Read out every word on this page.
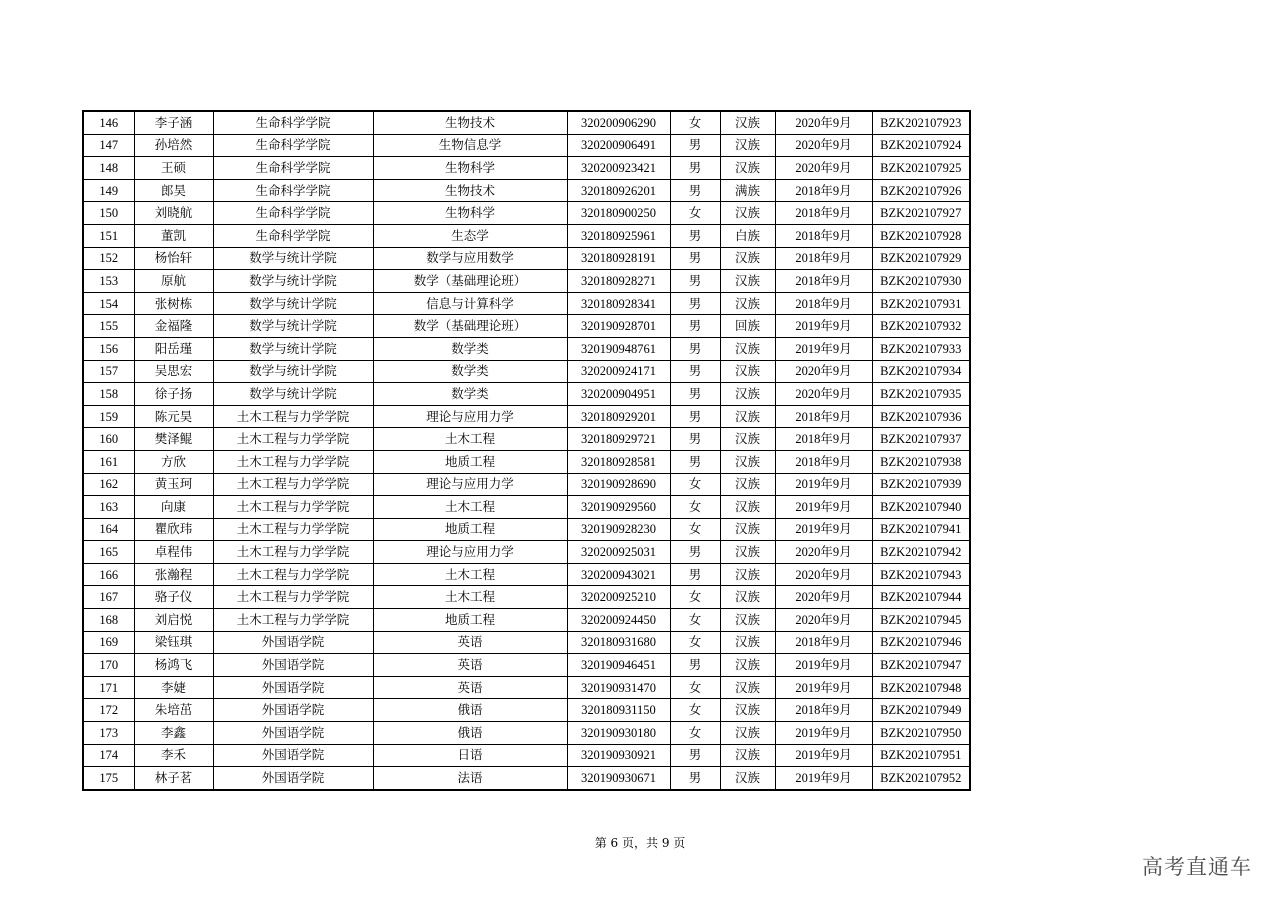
146	李子涵	生命科学学院	生物技术	320200906290	女	汉族	2020年9月	BZK202107923
147	孙培然	生命科学学院	生物信息学	320200906491	男	汉族	2020年9月	BZK202107924
148	王硕	生命科学学院	生物科学	320200923421	男	汉族	2020年9月	BZK202107925
149	郎昊	生命科学学院	生物技术	320180926201	男	满族	2018年9月	BZK202107926
150	刘晓航	生命科学学院	生物科学	320180900250	女	汉族	2018年9月	BZK202107927
151	董凯	生命科学学院	生态学	320180925961	男	白族	2018年9月	BZK202107928
152	杨怡轩	数学与统计学院	数学与应用数学	320180928191	男	汉族	2018年9月	BZK202107929
153	原航	数学与统计学院	数学（基础理论班）	320180928271	男	汉族	2018年9月	BZK202107930
154	张树栋	数学与统计学院	信息与计算科学	320180928341	男	汉族	2018年9月	BZK202107931
155	金福隆	数学与统计学院	数学（基础理论班）	320190928701	男	回族	2019年9月	BZK202107932
156	阳岳瑾	数学与统计学院	数学类	320190948761	男	汉族	2019年9月	BZK202107933
157	吴思宏	数学与统计学院	数学类	320200924171	男	汉族	2020年9月	BZK202107934
158	徐子扬	数学与统计学院	数学类	320200904951	男	汉族	2020年9月	BZK202107935
159	陈元昊	土木工程与力学学院	理论与应用力学	320180929201	男	汉族	2018年9月	BZK202107936
160	樊泽鲲	土木工程与力学学院	土木工程	320180929721	男	汉族	2018年9月	BZK202107937
161	方欣	土木工程与力学学院	地质工程	320180928581	男	汉族	2018年9月	BZK202107938
162	黄玉珂	土木工程与力学学院	理论与应用力学	320190928690	女	汉族	2019年9月	BZK202107939
163	向康	土木工程与力学学院	土木工程	320190929560	女	汉族	2019年9月	BZK202107940
164	瞿欣玮	土木工程与力学学院	地质工程	320190928230	女	汉族	2019年9月	BZK202107941
165	卓程伟	土木工程与力学学院	理论与应用力学	320200925031	男	汉族	2020年9月	BZK202107942
166	张瀚程	土木工程与力学学院	土木工程	320200943021	男	汉族	2020年9月	BZK202107943
167	骆子仪	土木工程与力学学院	土木工程	320200925210	女	汉族	2020年9月	BZK202107944
168	刘启悦	土木工程与力学学院	地质工程	320200924450	女	汉族	2020年9月	BZK202107945
169	梁钰琪	外国语学院	英语	320180931680	女	汉族	2018年9月	BZK202107946
170	杨鸿飞	外国语学院	英语	320190946451	男	汉族	2019年9月	BZK202107947
171	李婕	外国语学院	英语	320190931470	女	汉族	2019年9月	BZK202107948
172	朱培茁	外国语学院	俄语	320180931150	女	汉族	2018年9月	BZK202107949
173	李鑫	外国语学院	俄语	320190930180	女	汉族	2019年9月	BZK202107950
174	李禾	外国语学院	日语	320190930921	男	汉族	2019年9月	BZK202107951
175	林子茗	外国语学院	法语	320190930671	男	汉族	2019年9月	BZK202107952
第 6 页，共 9 页
高考直通车
